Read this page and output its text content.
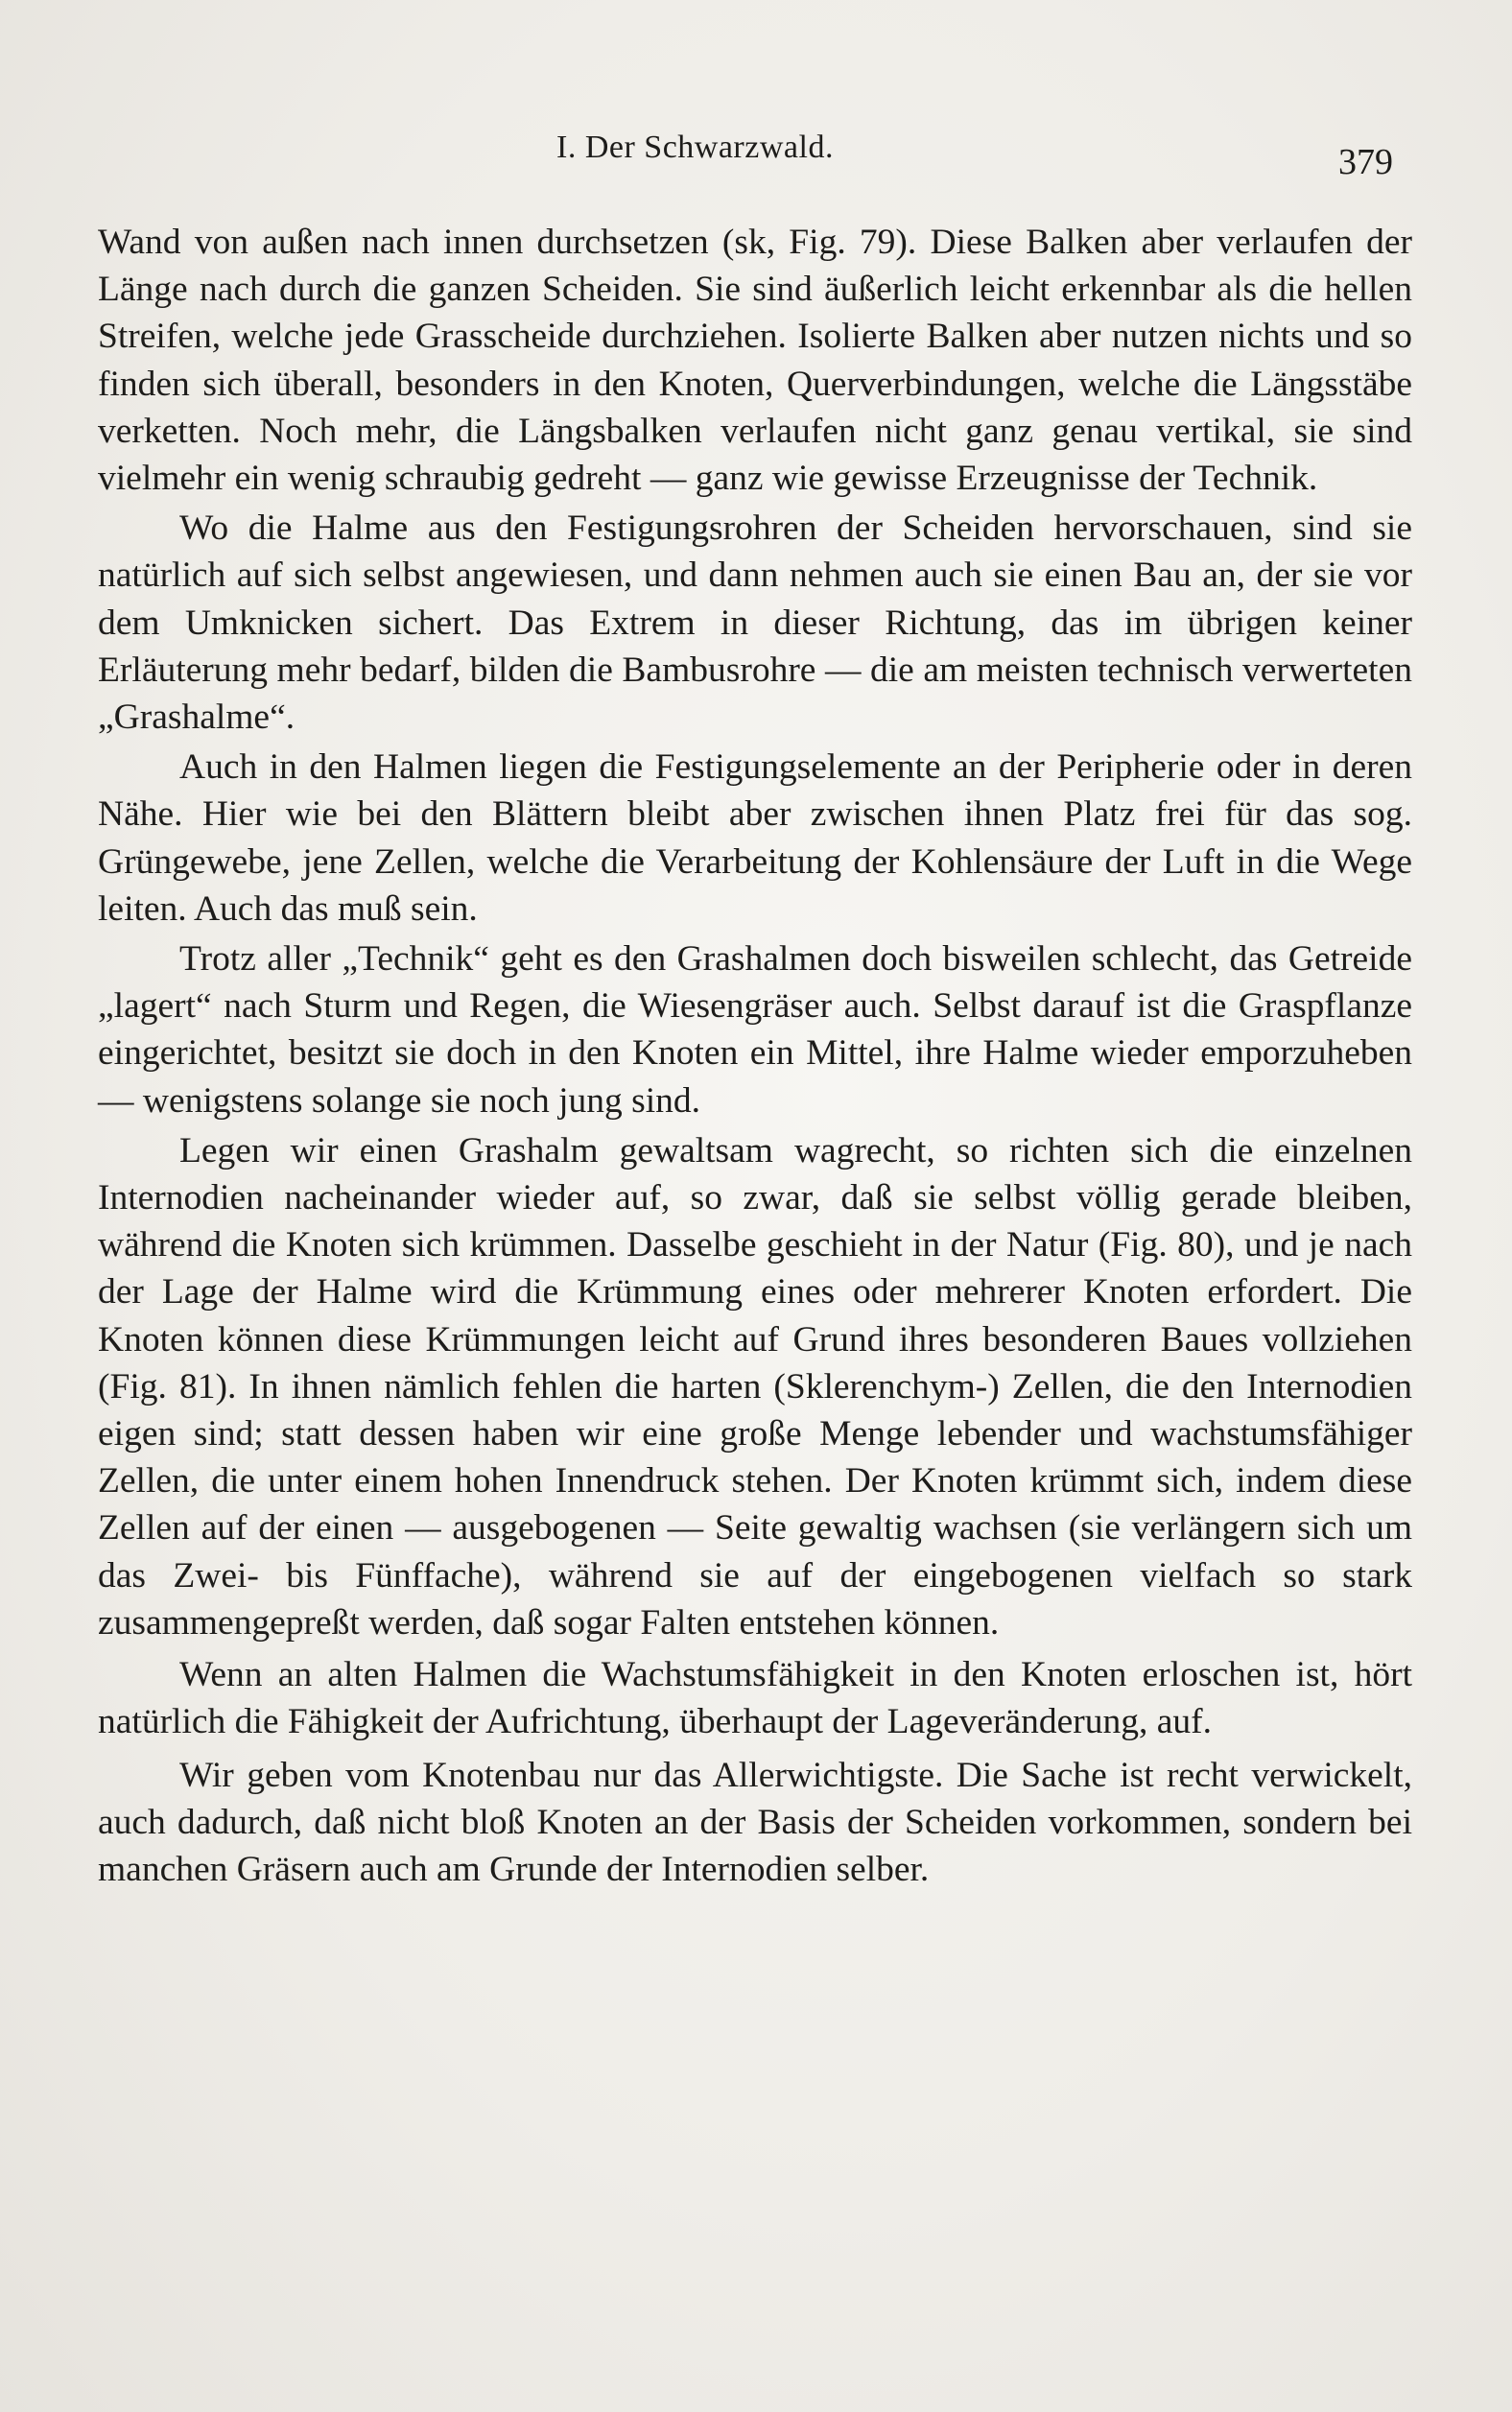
I. Der Schwarzwald.	379

Wand von außen nach innen durchsetzen (sk, Fig. 79). Diese Balken aber verlaufen der Länge nach durch die ganzen Scheiden. Sie sind äußerlich leicht erkennbar als die hellen Streifen, welche jede Grasscheide durchziehen. Isolierte Balken aber nutzen nichts und so finden sich überall, besonders in den Knoten, Querverbindungen, welche die Längsstäbe verketten. Noch mehr, die Längsbalken verlaufen nicht ganz genau vertikal, sie sind vielmehr ein wenig schraubig gedreht — ganz wie gewisse Erzeugnisse der Technik.

Wo die Halme aus den Festigungsrohren der Scheiden hervorschauen, sind sie natürlich auf sich selbst angewiesen, und dann nehmen auch sie einen Bau an, der sie vor dem Umknicken sichert. Das Extrem in dieser Richtung, das im übrigen keiner Erläuterung mehr bedarf, bilden die Bambusrohre — die am meisten technisch verwerteten „Grashalme“.

Auch in den Halmen liegen die Festigungselemente an der Peripherie oder in deren Nähe. Hier wie bei den Blättern bleibt aber zwischen ihnen Platz frei für das sog. Grüngewebe, jene Zellen, welche die Verarbeitung der Kohlensäure der Luft in die Wege leiten. Auch das muß sein.

Trotz aller „Technik“ geht es den Grashalmen doch bisweilen schlecht, das Getreide „lagert“ nach Sturm und Regen, die Wiesengräser auch. Selbst darauf ist die Graspflanze eingerichtet, besitzt sie doch in den Knoten ein Mittel, ihre Halme wieder emporzuheben — wenigstens solange sie noch jung sind.

Legen wir einen Grashalm gewaltsam wagrecht, so richten sich die einzelnen Internodien nacheinander wieder auf, so zwar, daß sie selbst völlig gerade bleiben, während die Knoten sich krümmen. Dasselbe geschieht in der Natur (Fig. 80), und je nach der Lage der Halme wird die Krümmung eines oder mehrerer Knoten erfordert. Die Knoten können diese Krümmungen leicht auf Grund ihres besonderen Baues vollziehen (Fig. 81). In ihnen nämlich fehlen die harten (Sklerenchym-) Zellen, die den Internodien eigen sind; statt dessen haben wir eine große Menge lebender und wachstumsfähiger Zellen, die unter einem hohen Innendruck stehen. Der Knoten krümmt sich, indem diese Zellen auf der einen — ausgebogenen — Seite gewaltig wachsen (sie verlängern sich um das Zwei- bis Fünffache), während sie auf der eingebogenen vielfach so stark zusammengepreßt werden, daß sogar Falten entstehen können.

Wenn an alten Halmen die Wachstumsfähigkeit in den Knoten erloschen ist, hört natürlich die Fähigkeit der Aufrichtung, überhaupt der Lageveränderung, auf.

Wir geben vom Knotenbau nur das Allerwichtigste. Die Sache ist recht verwickelt, auch dadurch, daß nicht bloß Knoten an der Basis der Scheiden vorkommen, sondern bei manchen Gräsern auch am Grunde der Internodien selber.
